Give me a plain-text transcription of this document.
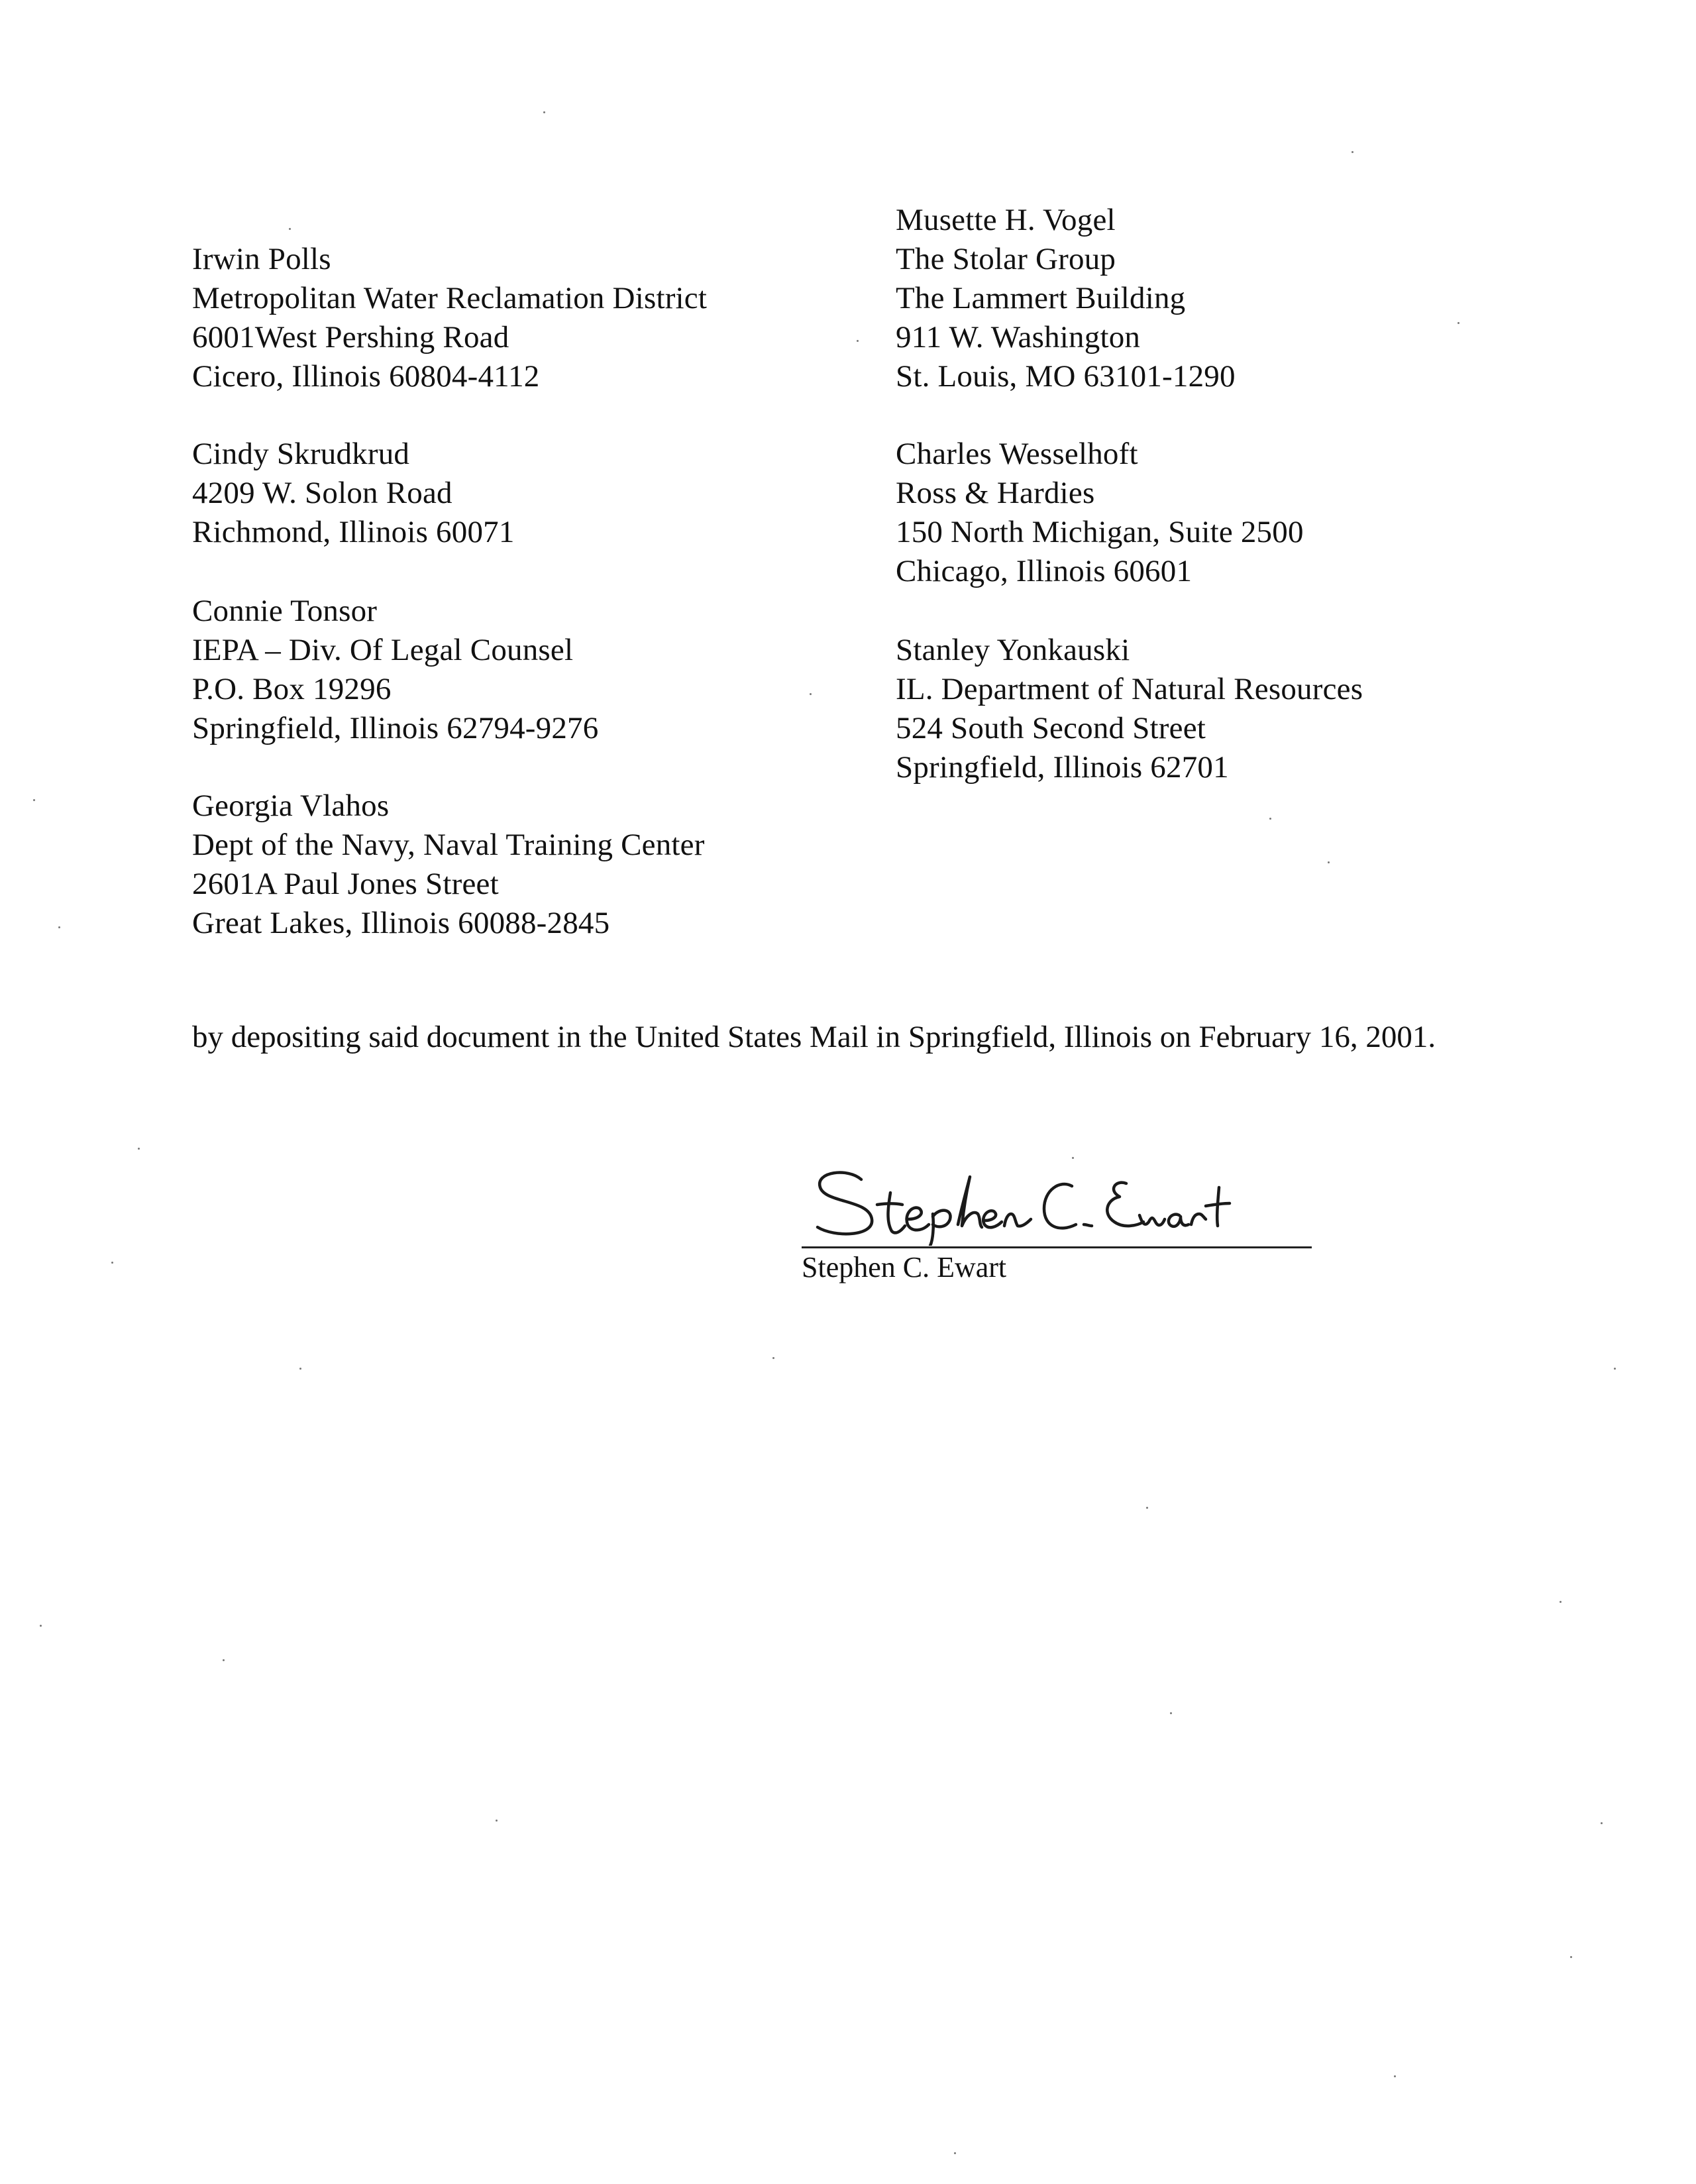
Irwin Polls
Metropolitan Water Reclamation District
6001West Pershing Road
Cicero, Illinois 60804-4112
Cindy Skrudkrud
4209 W. Solon Road
Richmond, Illinois 60071
Connie Tonsor
IEPA – Div. Of Legal Counsel
P.O. Box 19296
Springfield, Illinois 62794-9276
Georgia Vlahos
Dept of the Navy, Naval Training Center
2601A Paul Jones Street
Great Lakes, Illinois 60088-2845
Musette H. Vogel
The Stolar Group
The Lammert Building
911 W. Washington
St. Louis, MO 63101-1290
Charles Wesselhoft
Ross & Hardies
150 North Michigan, Suite 2500
Chicago, Illinois 60601
Stanley Yonkauski
IL. Department of Natural Resources
524 South Second Street
Springfield, Illinois 62701
by depositing said document in the United States Mail in Springfield, Illinois on February 16, 2001.
Stephen C. Ewart
